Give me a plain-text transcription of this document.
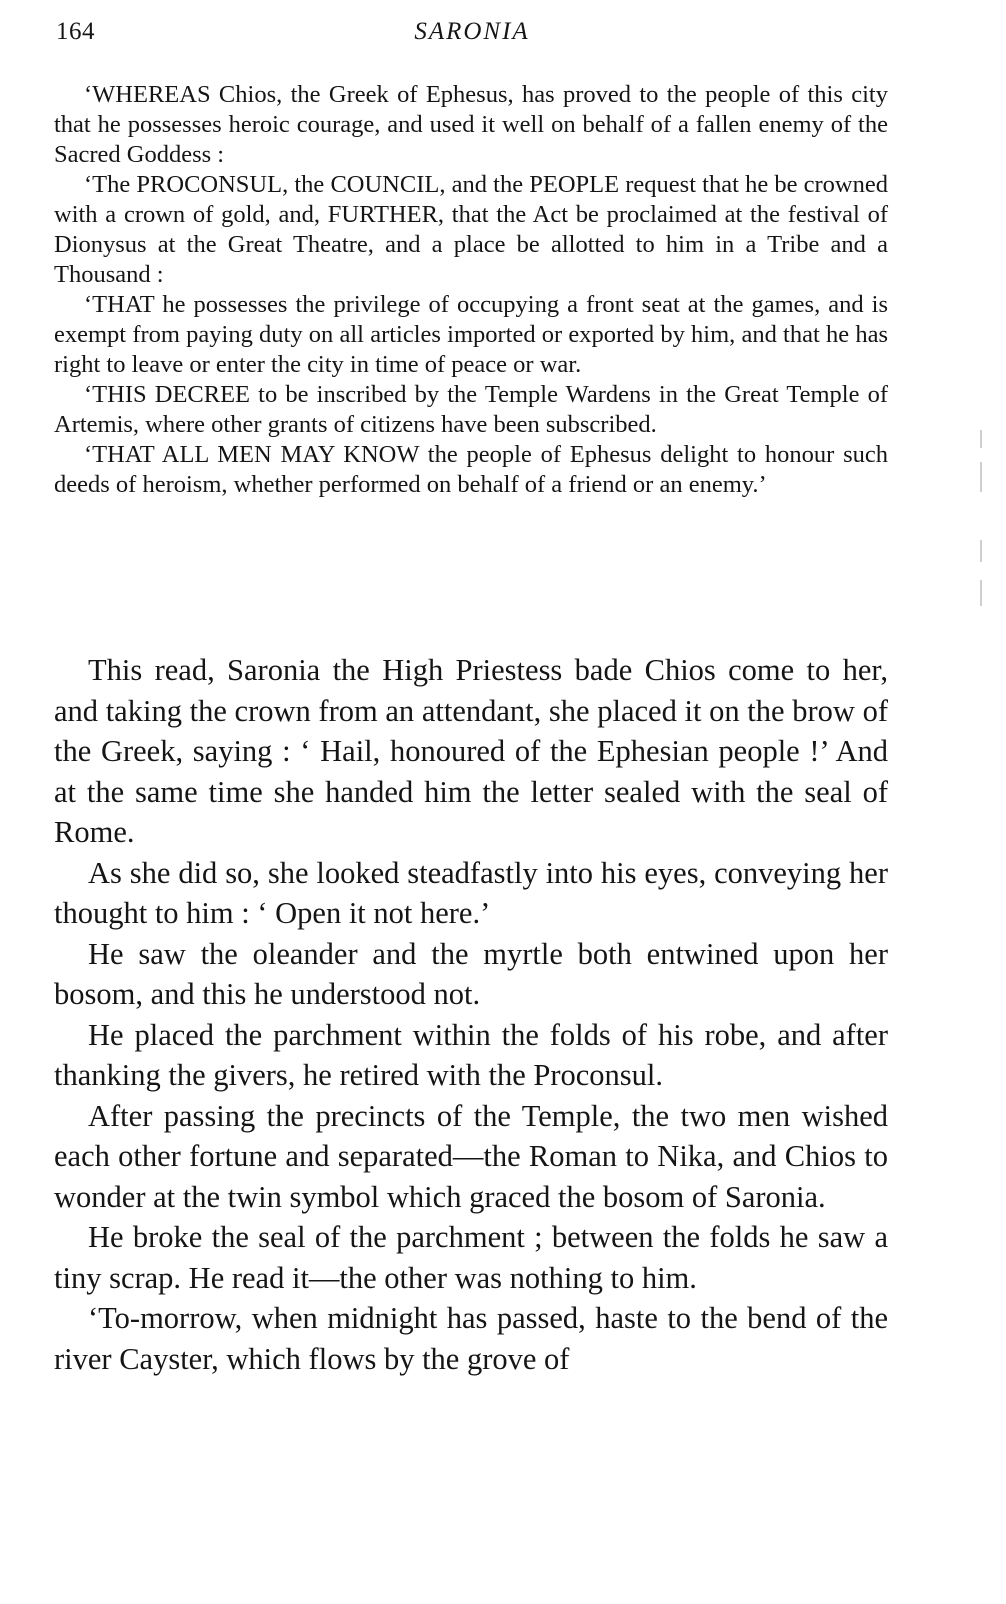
164	SARONIA

‘WHEREAS Chios, the Greek of Ephesus, has proved to the people of this city that he possesses heroic courage, and used it well on behalf of a fallen enemy of the Sacred Goddess :

‘The PROCONSUL, the COUNCIL, and the PEOPLE request that he be crowned with a crown of gold, and, FURTHER, that the Act be proclaimed at the festival of Dionysus at the Great Theatre, and a place be allotted to him in a Tribe and a Thousand :

‘THAT he possesses the privilege of occupying a front seat at the games, and is exempt from paying duty on all articles imported or exported by him, and that he has right to leave or enter the city in time of peace or war.

‘THIS DECREE to be inscribed by the Temple Wardens in the Great Temple of Artemis, where other grants of citizens have been subscribed.

‘THAT ALL MEN MAY KNOW the people of Ephesus delight to honour such deeds of heroism, whether performed on behalf of a friend or an enemy.’

This read, Saronia the High Priestess bade Chios come to her, and taking the crown from an attendant, she placed it on the brow of the Greek, saying : ‘ Hail, honoured of the Ephesian people !’ And at the same time she handed him the letter sealed with the seal of Rome.

As she did so, she looked steadfastly into his eyes, conveying her thought to him : ‘ Open it not here.’

He saw the oleander and the myrtle both entwined upon her bosom, and this he understood not.

He placed the parchment within the folds of his robe, and after thanking the givers, he retired with the Proconsul.

After passing the precincts of the Temple, the two men wished each other fortune and separated—the Roman to Nika, and Chios to wonder at the twin symbol which graced the bosom of Saronia.

He broke the seal of the parchment ; between the folds he saw a tiny scrap. He read it—the other was nothing to him.

‘To-morrow, when midnight has passed, haste to the bend of the river Cayster, which flows by the grove of
